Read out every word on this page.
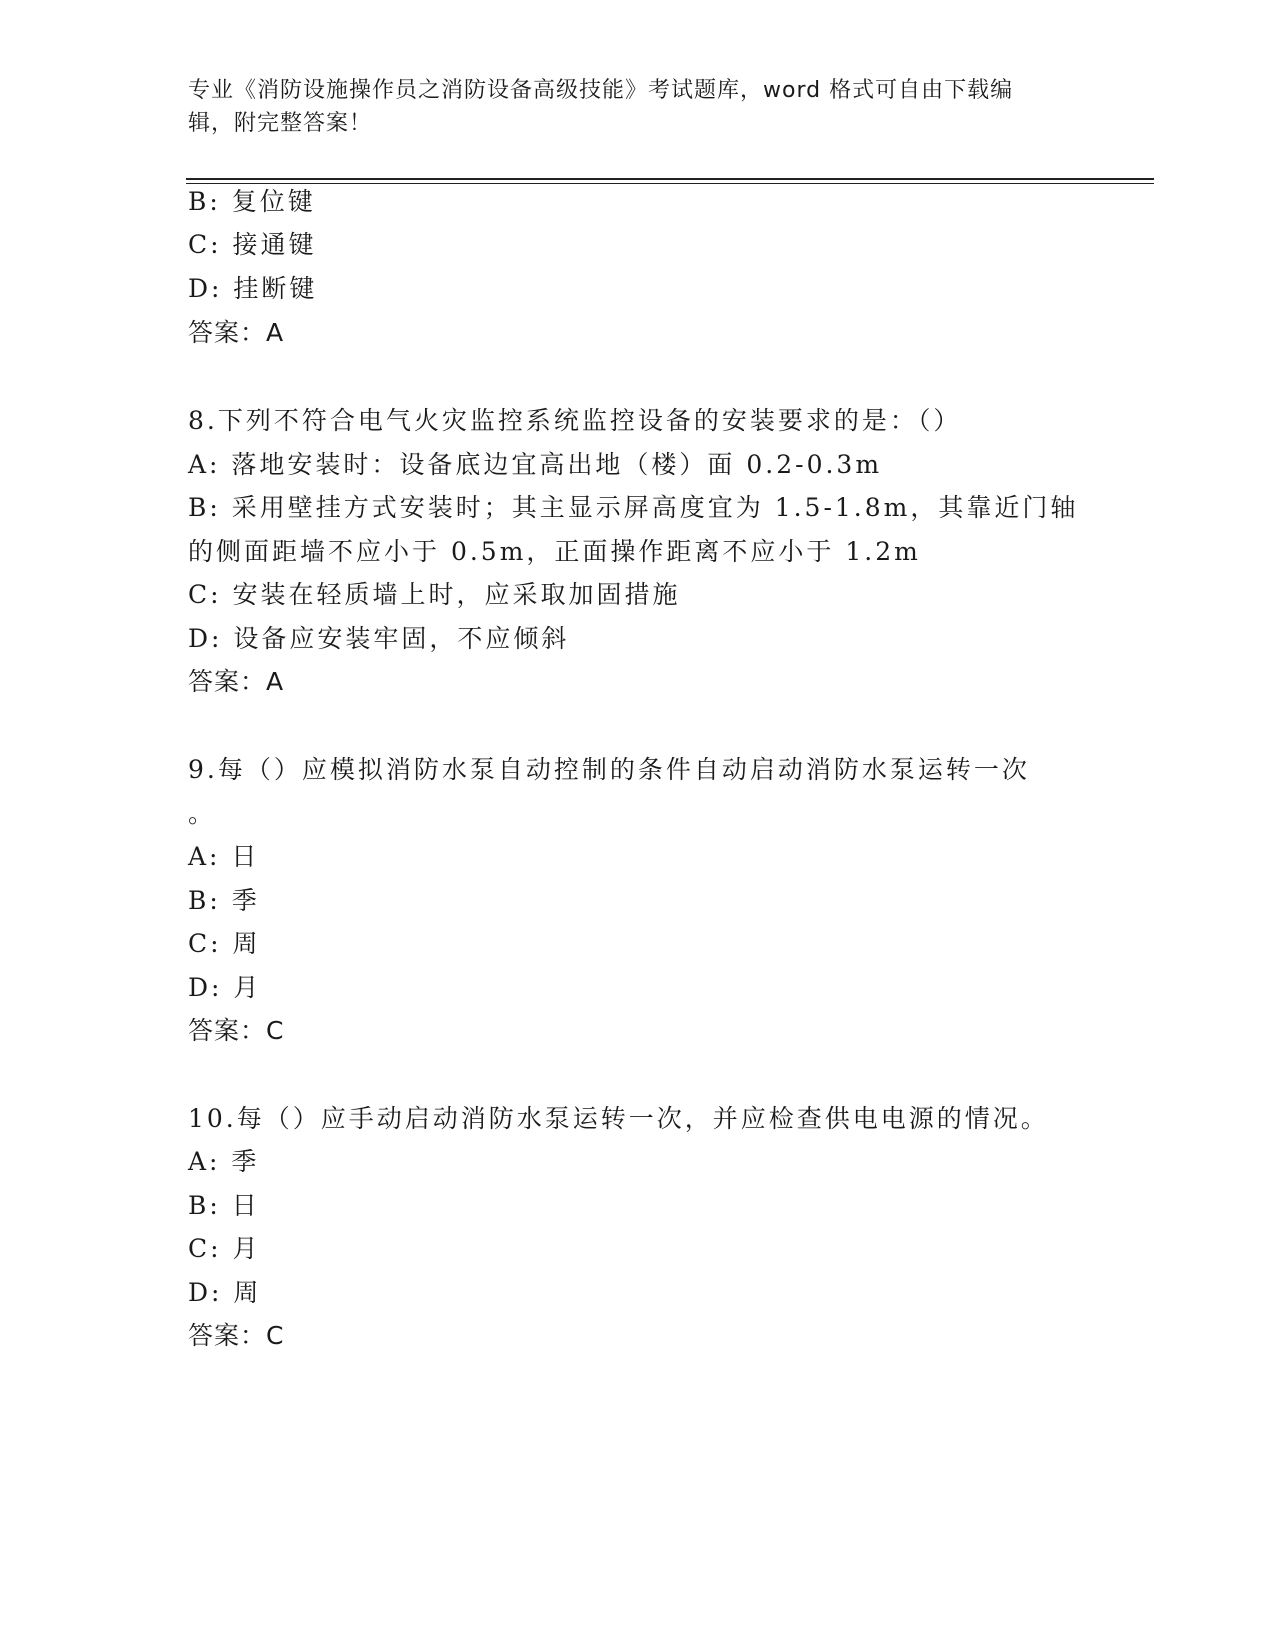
专业《消防设施操作员之消防设备高级技能》考试题库，word 格式可自由下载编
辑，附完整答案！
B: 复位键
C: 接通键
D: 挂断键
答案：A
8.下列不符合电气火灾监控系统监控设备的安装要求的是：（）
A: 落地安装时：设备底边宜高出地（楼）面 0.2-0.3m
B: 采用壁挂方式安装时；其主显示屏高度宜为 1.5-1.8m，其靠近门轴
的侧面距墙不应小于 0.5m，正面操作距离不应小于 1.2m
C: 安装在轻质墙上时，应采取加固措施
D: 设备应安装牢固，不应倾斜
答案：A
9.每（）应模拟消防水泵自动控制的条件自动启动消防水泵运转一次
。
A: 日
B: 季
C: 周
D: 月
答案：C
10.每（）应手动启动消防水泵运转一次，并应检查供电电源的情况。
A: 季
B: 日
C: 月
D: 周
答案：C
